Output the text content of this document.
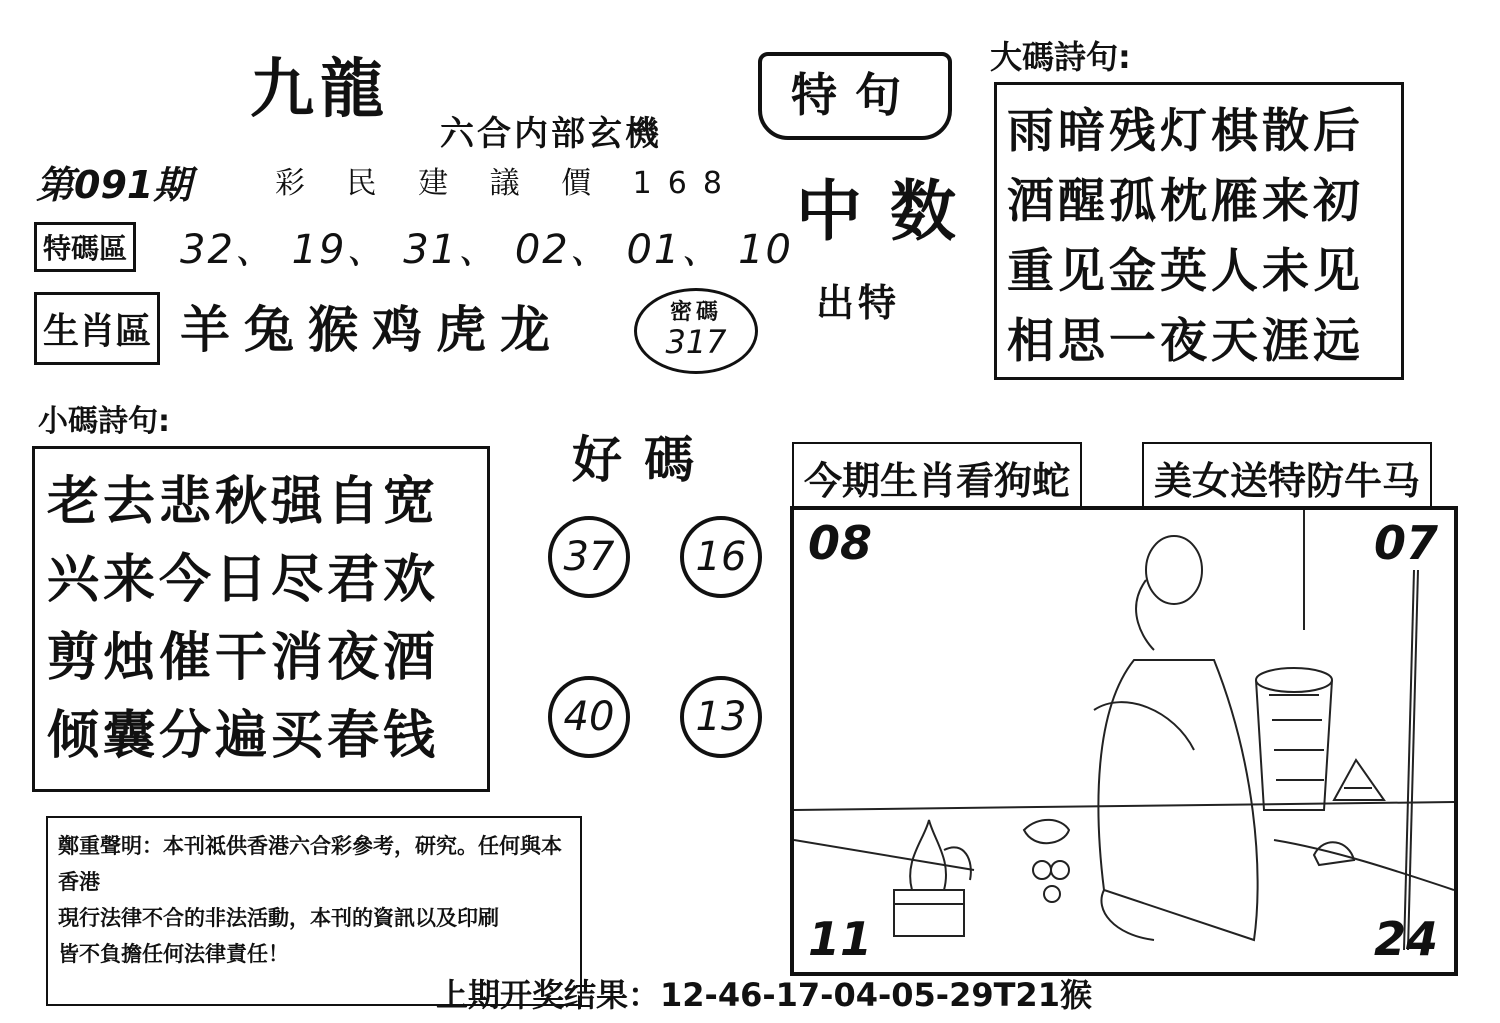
九龍
六合内部玄機
第091期	彩 民 建 議 價 168
特碼區 32、 19、 31、 02、 01、 10
生肖區 羊兔猴鸡虎龙	密碼
317
特句
中数
出特
大碼詩句:
雨暗残灯棋散后
酒醒孤枕雁来初
重见金英人未见
相思一夜天涯远
小碼詩句:
老去悲秋强自宽
兴来今日尽君欢
剪烛催干消夜酒
倾囊分遍买春钱
好碼
37	16
40	13
今期生肖看狗蛇	美女送特防牛马
08	07
11	24
鄭重聲明：本刊祗供香港六合彩參考，研究。任何與本香港
現行法律不合的非法活動，本刊的資訊以及印刷
皆不負擔任何法律責任！
上期开奖结果：12-46-17-04-05-29T21猴
